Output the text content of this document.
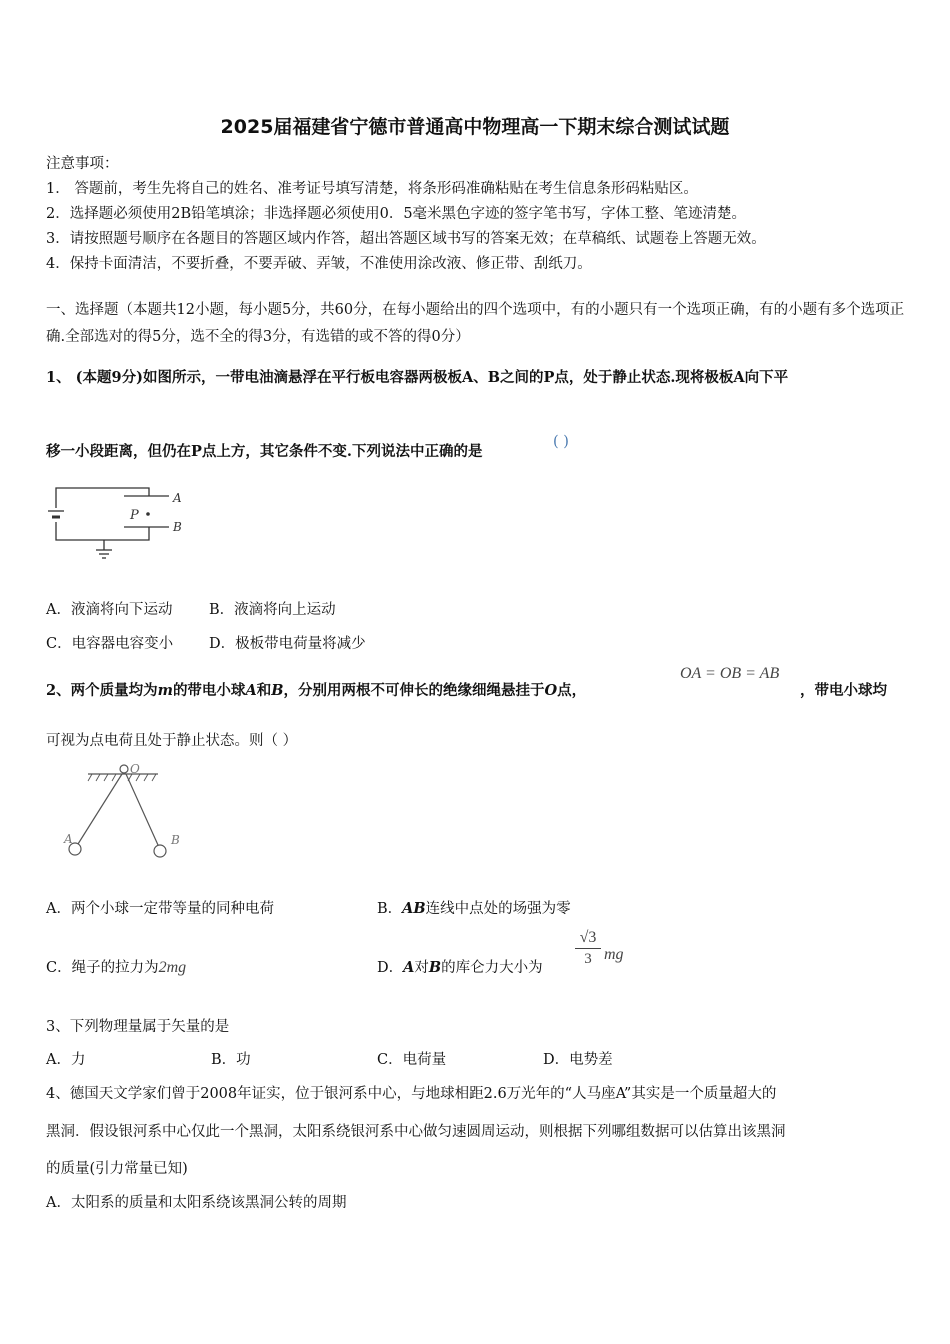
2025届福建省宁德市普通高中物理高一下期末综合测试试题
注意事项：
1． 答题前，考生先将自己的姓名、准考证号填写清楚，将条形码准确粘贴在考生信息条形码粘贴区。
2．选择题必须使用2B铅笔填涂；非选择题必须使用0．5毫米黑色字迹的签字笔书写，字体工整、笔迹清楚。
3．请按照题号顺序在各题目的答题区域内作答，超出答题区域书写的答案无效；在草稿纸、试题卷上答题无效。
4．保持卡面清洁，不要折叠，不要弄破、弄皱，不准使用涂改液、修正带、刮纸刀。
一、选择题（本题共12小题，每小题5分，共60分，在每小题给出的四个选项中，有的小题只有一个选项正确，有的小题有多个选项正确.全部选对的得5分，选不全的得3分，有选错的或不答的得0分）
1、 (本题9分)如图所示，一带电油滴悬浮在平行板电容器两极板A、B之间的P点，处于静止状态.现将极板A向下平
移一小段距离，但仍在P点上方，其它条件不变.下列说法中正确的是
( )
P
A
B
A．液滴将向下运动	B．液滴将向上运动
C．电容器电容变小 D．极板带电荷量将减少
2、两个质量均为m的带电小球A和B，分别用两根不可伸长的绝缘细绳悬挂于O点，
OA = OB = AB
，带电小球均
可视为点电荷且处于静止状态。则（ ）
O
A	B
A．两个小球一定带等量的同种电荷	B．AB连线中点处的场强为零
C．绳子的拉力为2mg	D．A对B的库仑力大小为 $\frac{√3}{3}$ mg
3、下列物理量属于矢量的是
A．力	B．功	C．电荷量	D．电势差
4、德国天文学家们曾于2008年证实，位于银河系中心，与地球相距2.6万光年的“人马座A”其实是一个质量超大的
黑洞．假设银河系中心仅此一个黑洞，太阳系绕银河系中心做匀速圆周运动，则根据下列哪组数据可以估算出该黑洞
的质量(引力常量已知)
A．太阳系的质量和太阳系绕该黑洞公转的周期
